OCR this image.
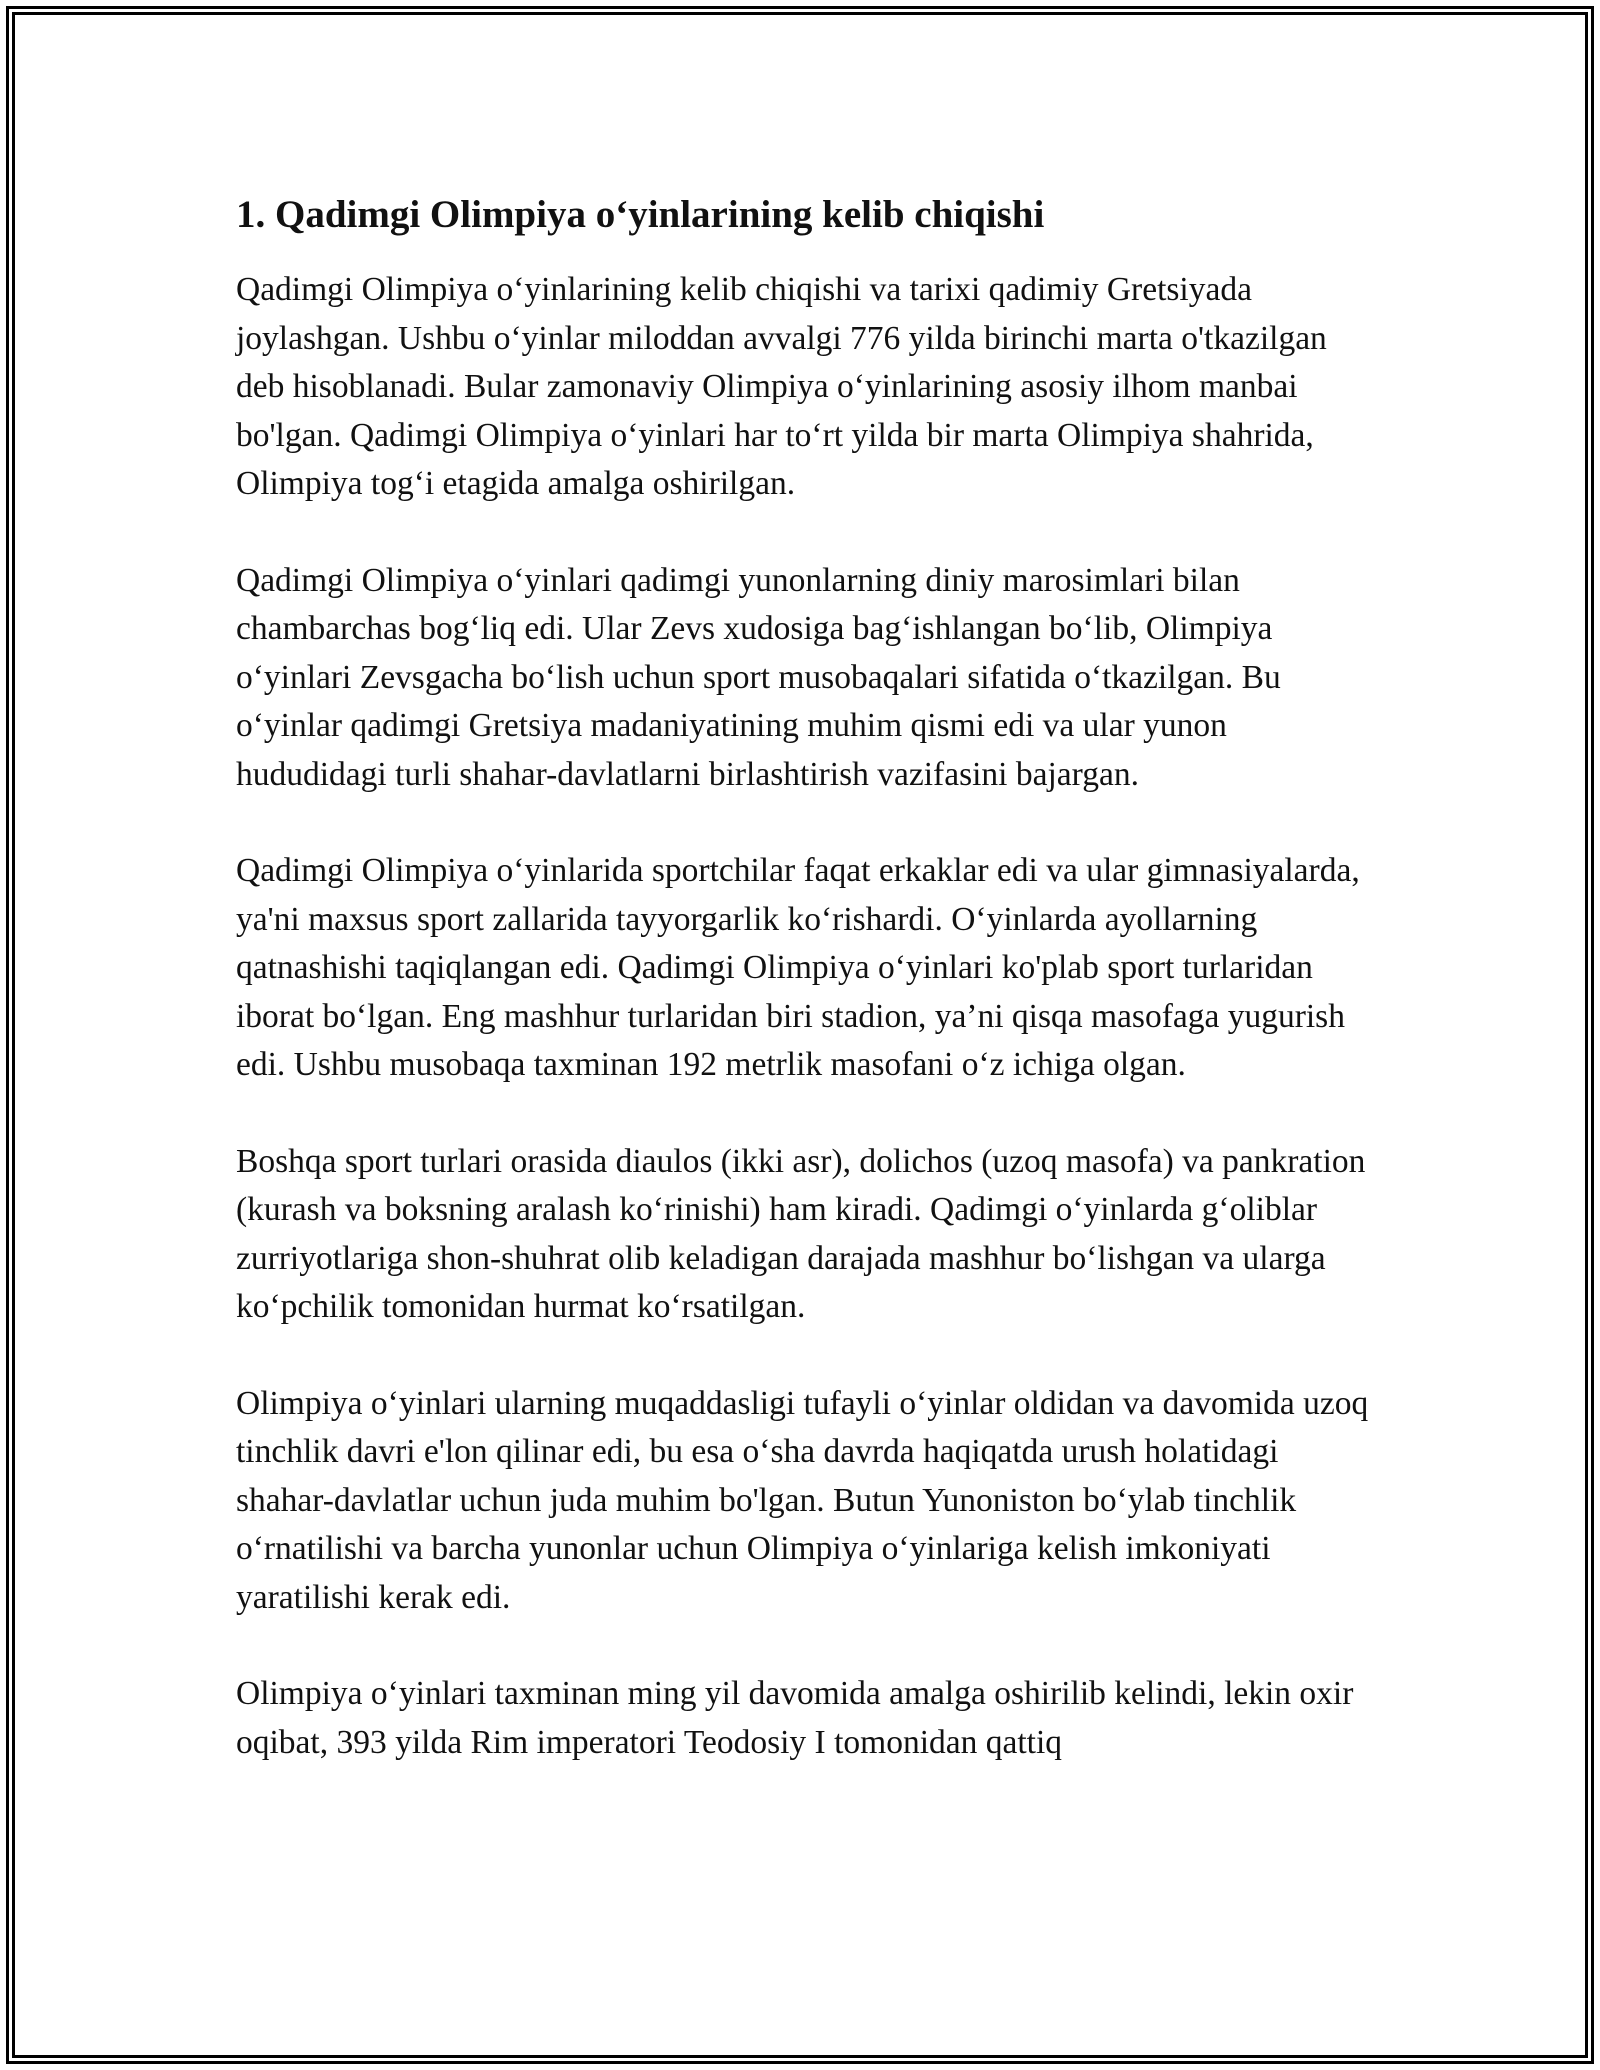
1. Qadimgi Olimpiya o‘yinlarining kelib chiqishi

Qadimgi Olimpiya o‘yinlarining kelib chiqishi va tarixi qadimiy Gretsiyada joylashgan. Ushbu o‘yinlar miloddan avvalgi 776 yilda birinchi marta o'tkazilgan deb hisoblanadi. Bular zamonaviy Olimpiya o‘yinlarining asosiy ilhom manbai bo'lgan. Qadimgi Olimpiya o‘yinlari har to‘rt yilda bir marta Olimpiya shahrida, Olimpiya tog‘i etagida amalga oshirilgan.

Qadimgi Olimpiya o‘yinlari qadimgi yunonlarning diniy marosimlari bilan chambarchas bog‘liq edi. Ular Zevs xudosiga bag‘ishlangan bo‘lib, Olimpiya o‘yinlari Zevsgacha bo‘lish uchun sport musobaqalari sifatida o‘tkazilgan. Bu o‘yinlar qadimgi Gretsiya madaniyatining muhim qismi edi va ular yunon hududidagi turli shahar-davlatlarni birlashtirish vazifasini bajargan.

Qadimgi Olimpiya o‘yinlarida sportchilar faqat erkaklar edi va ular gimnasiyalarda, ya'ni maxsus sport zallarida tayyorgarlik ko‘rishardi. O‘yinlarda ayollarning qatnashishi taqiqlangan edi. Qadimgi Olimpiya o‘yinlari ko'plab sport turlaridan iborat bo‘lgan. Eng mashhur turlaridan biri stadion, ya’ni qisqa masofaga yugurish edi. Ushbu musobaqa taxminan 192 metrlik masofani o‘z ichiga olgan.

Boshqa sport turlari orasida diaulos (ikki asr), dolichos (uzoq masofa) va pankration (kurash va boksning aralash ko‘rinishi) ham kiradi. Qadimgi o‘yinlarda g‘oliblar zurriyotlariga shon-shuhrat olib keladigan darajada mashhur bo‘lishgan va ularga ko‘pchilik tomonidan hurmat ko‘rsatilgan.

Olimpiya o‘yinlari ularning muqaddasligi tufayli o‘yinlar oldidan va davomida uzoq tinchlik davri e'lon qilinar edi, bu esa o‘sha davrda haqiqatda urush holatidagi shahar-davlatlar uchun juda muhim bo'lgan. Butun Yunoniston bo‘ylab tinchlik o‘rnatilishi va barcha yunonlar uchun Olimpiya o‘yinlariga kelish imkoniyati yaratilishi kerak edi.

Olimpiya o‘yinlari taxminan ming yil davomida amalga oshirilib kelindi, lekin oxir oqibat, 393 yilda Rim imperatori Teodosiy I tomonidan qattiq
